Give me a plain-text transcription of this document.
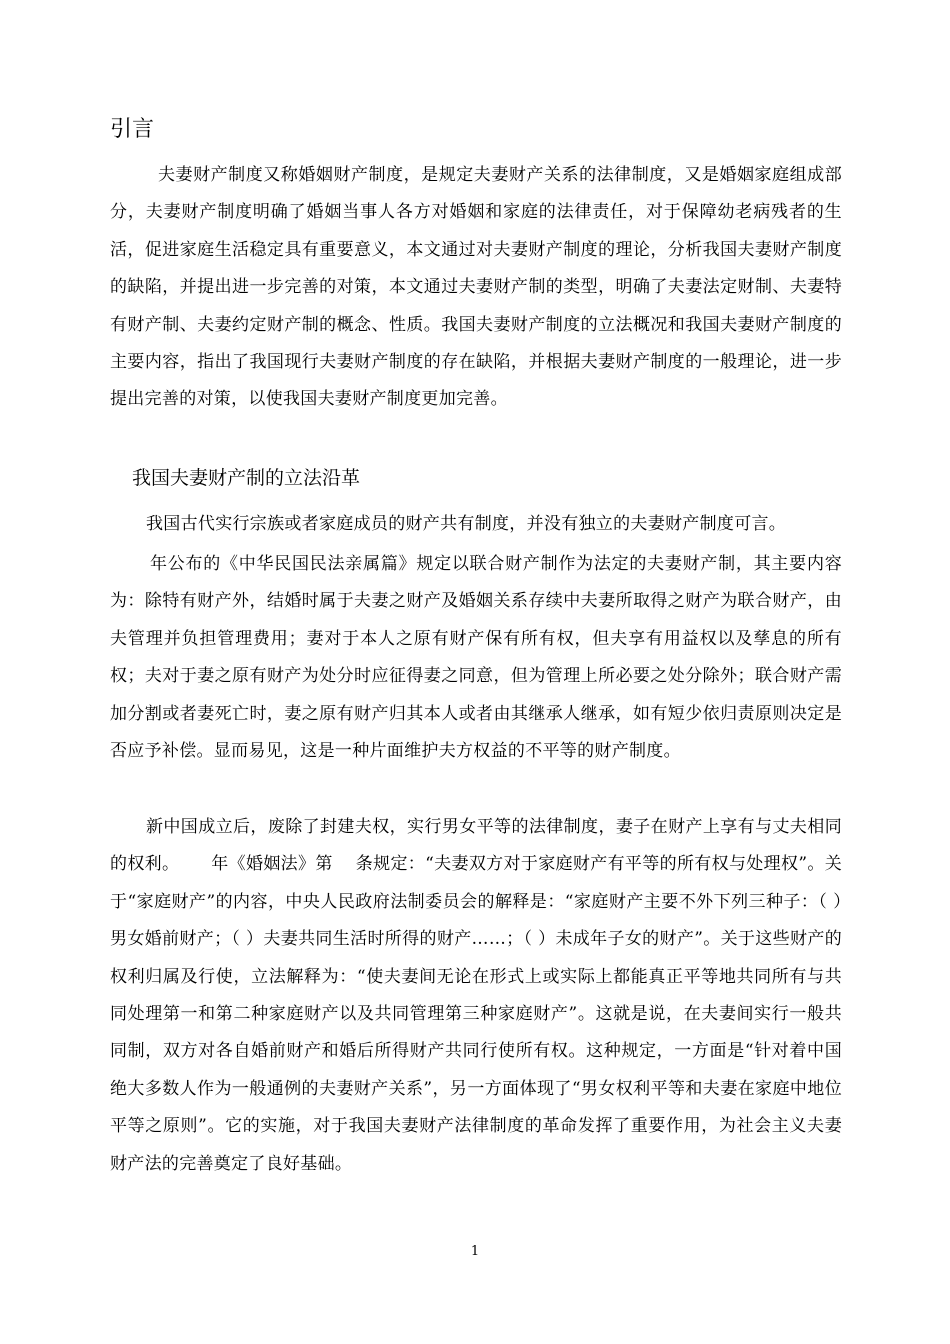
引言

夫妻财产制度又称婚姻财产制度，是规定夫妻财产关系的法律制度，又是婚姻家庭组成部分，夫妻财产制度明确了婚姻当事人各方对婚姻和家庭的法律责任，对于保障幼老病残者的生活，促进家庭生活稳定具有重要意义，本文通过对夫妻财产制度的理论，分析我国夫妻财产制度的缺陷，并提出进一步完善的对策，本文通过夫妻财产制的类型，明确了夫妻法定财制、夫妻特有财产制、夫妻约定财产制的概念、性质。我国夫妻财产制度的立法概况和我国夫妻财产制度的主要内容，指出了我国现行夫妻财产制度的存在缺陷，并根据夫妻财产制度的一般理论，进一步提出完善的对策，以使我国夫妻财产制度更加完善。

我国夫妻财产制的立法沿革

我国古代实行宗族或者家庭成员的财产共有制度，并没有独立的夫妻财产制度可言。

年公布的《中华民国民法亲属篇》规定以联合财产制作为法定的夫妻财产制，其主要内容为：除特有财产外，结婚时属于夫妻之财产及婚姻关系存续中夫妻所取得之财产为联合财产，由夫管理并负担管理费用；妻对于本人之原有财产保有所有权，但夫享有用益权以及孳息的所有权；夫对于妻之原有财产为处分时应征得妻之同意，但为管理上所必要之处分除外；联合财产需加分割或者妻死亡时，妻之原有财产归其本人或者由其继承人继承，如有短少依归责原则决定是否应予补偿。显而易见，这是一种片面维护夫方权益的不平等的财产制度。

新中国成立后，废除了封建夫权，实行男女平等的法律制度，妻子在财产上享有与丈夫相同的权利。　　 年《婚姻法》第　 条规定：“夫妻双方对于家庭财产有平等的所有权与处理权”。关于“家庭财产”的内容，中央人民政府法制委员会的解释是：“家庭财产主要不外下列三种子：（ ）男女婚前财产；（ ）夫妻共同生活时所得的财产……；（ ）未成年子女的财产”。关于这些财产的权利归属及行使，立法解释为：“使夫妻间无论在形式上或实际上都能真正平等地共同所有与共同处理第一和第二种家庭财产以及共同管理第三种家庭财产”。这就是说，在夫妻间实行一般共同制，双方对各自婚前财产和婚后所得财产共同行使所有权。这种规定，一方面是“针对着中国绝大多数人作为一般通例的夫妻财产关系”，另一方面体现了“男女权利平等和夫妻在家庭中地位平等之原则”。它的实施，对于我国夫妻财产法律制度的革命发挥了重要作用，为社会主义夫妻财产法的完善奠定了良好基础。

1
